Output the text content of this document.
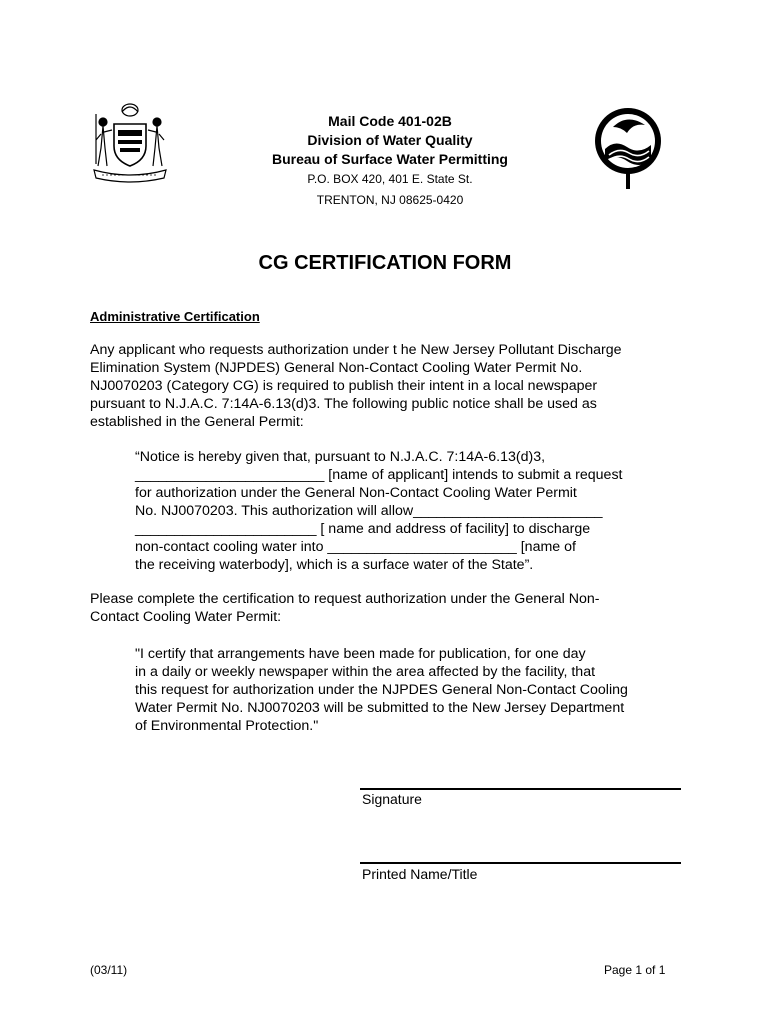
Mail Code 401-02B
Division of Water Quality
Bureau of Surface Water Permitting
P.O. BOX 420, 401 E. State St.
TRENTON, NJ 08625-0420
CG CERTIFICATION FORM
Administrative Certification
Any applicant who requests authorization under t he New Jersey Pollutant Discharge
Elimination System (NJPDES) General Non-Contact Cooling Water Permit No.
NJ0070203 (Category CG) is required to publish their intent in a local newspaper
pursuant to N.J.A.C. 7:14A-6.13(d)3. The following public notice shall be used as
established in the General Permit:
“Notice is hereby given that, pursuant to N.J.A.C. 7:14A-6.13(d)3,
________________________ [name of applicant] intends to submit a request
for authorization under the General Non-Contact Cooling Water Permit
No. NJ0070203. This authorization will allow________________________
_______________________ [ name and address of facility] to discharge
non-contact cooling water into ________________________ [name of
the receiving waterbody], which is a surface water of the State”.
Please complete the certification to request authorization under the General Non-
Contact Cooling Water Permit:
"I certify that arrangements have been made for publication, for one day
in a daily or weekly newspaper within the area affected by the facility, that
this request for authorization under the NJPDES General Non-Contact Cooling
Water Permit No. NJ0070203 will be submitted to the New Jersey Department
of Environmental Protection."
Signature
Printed Name/Title
(03/11)	Page 1 of 1
